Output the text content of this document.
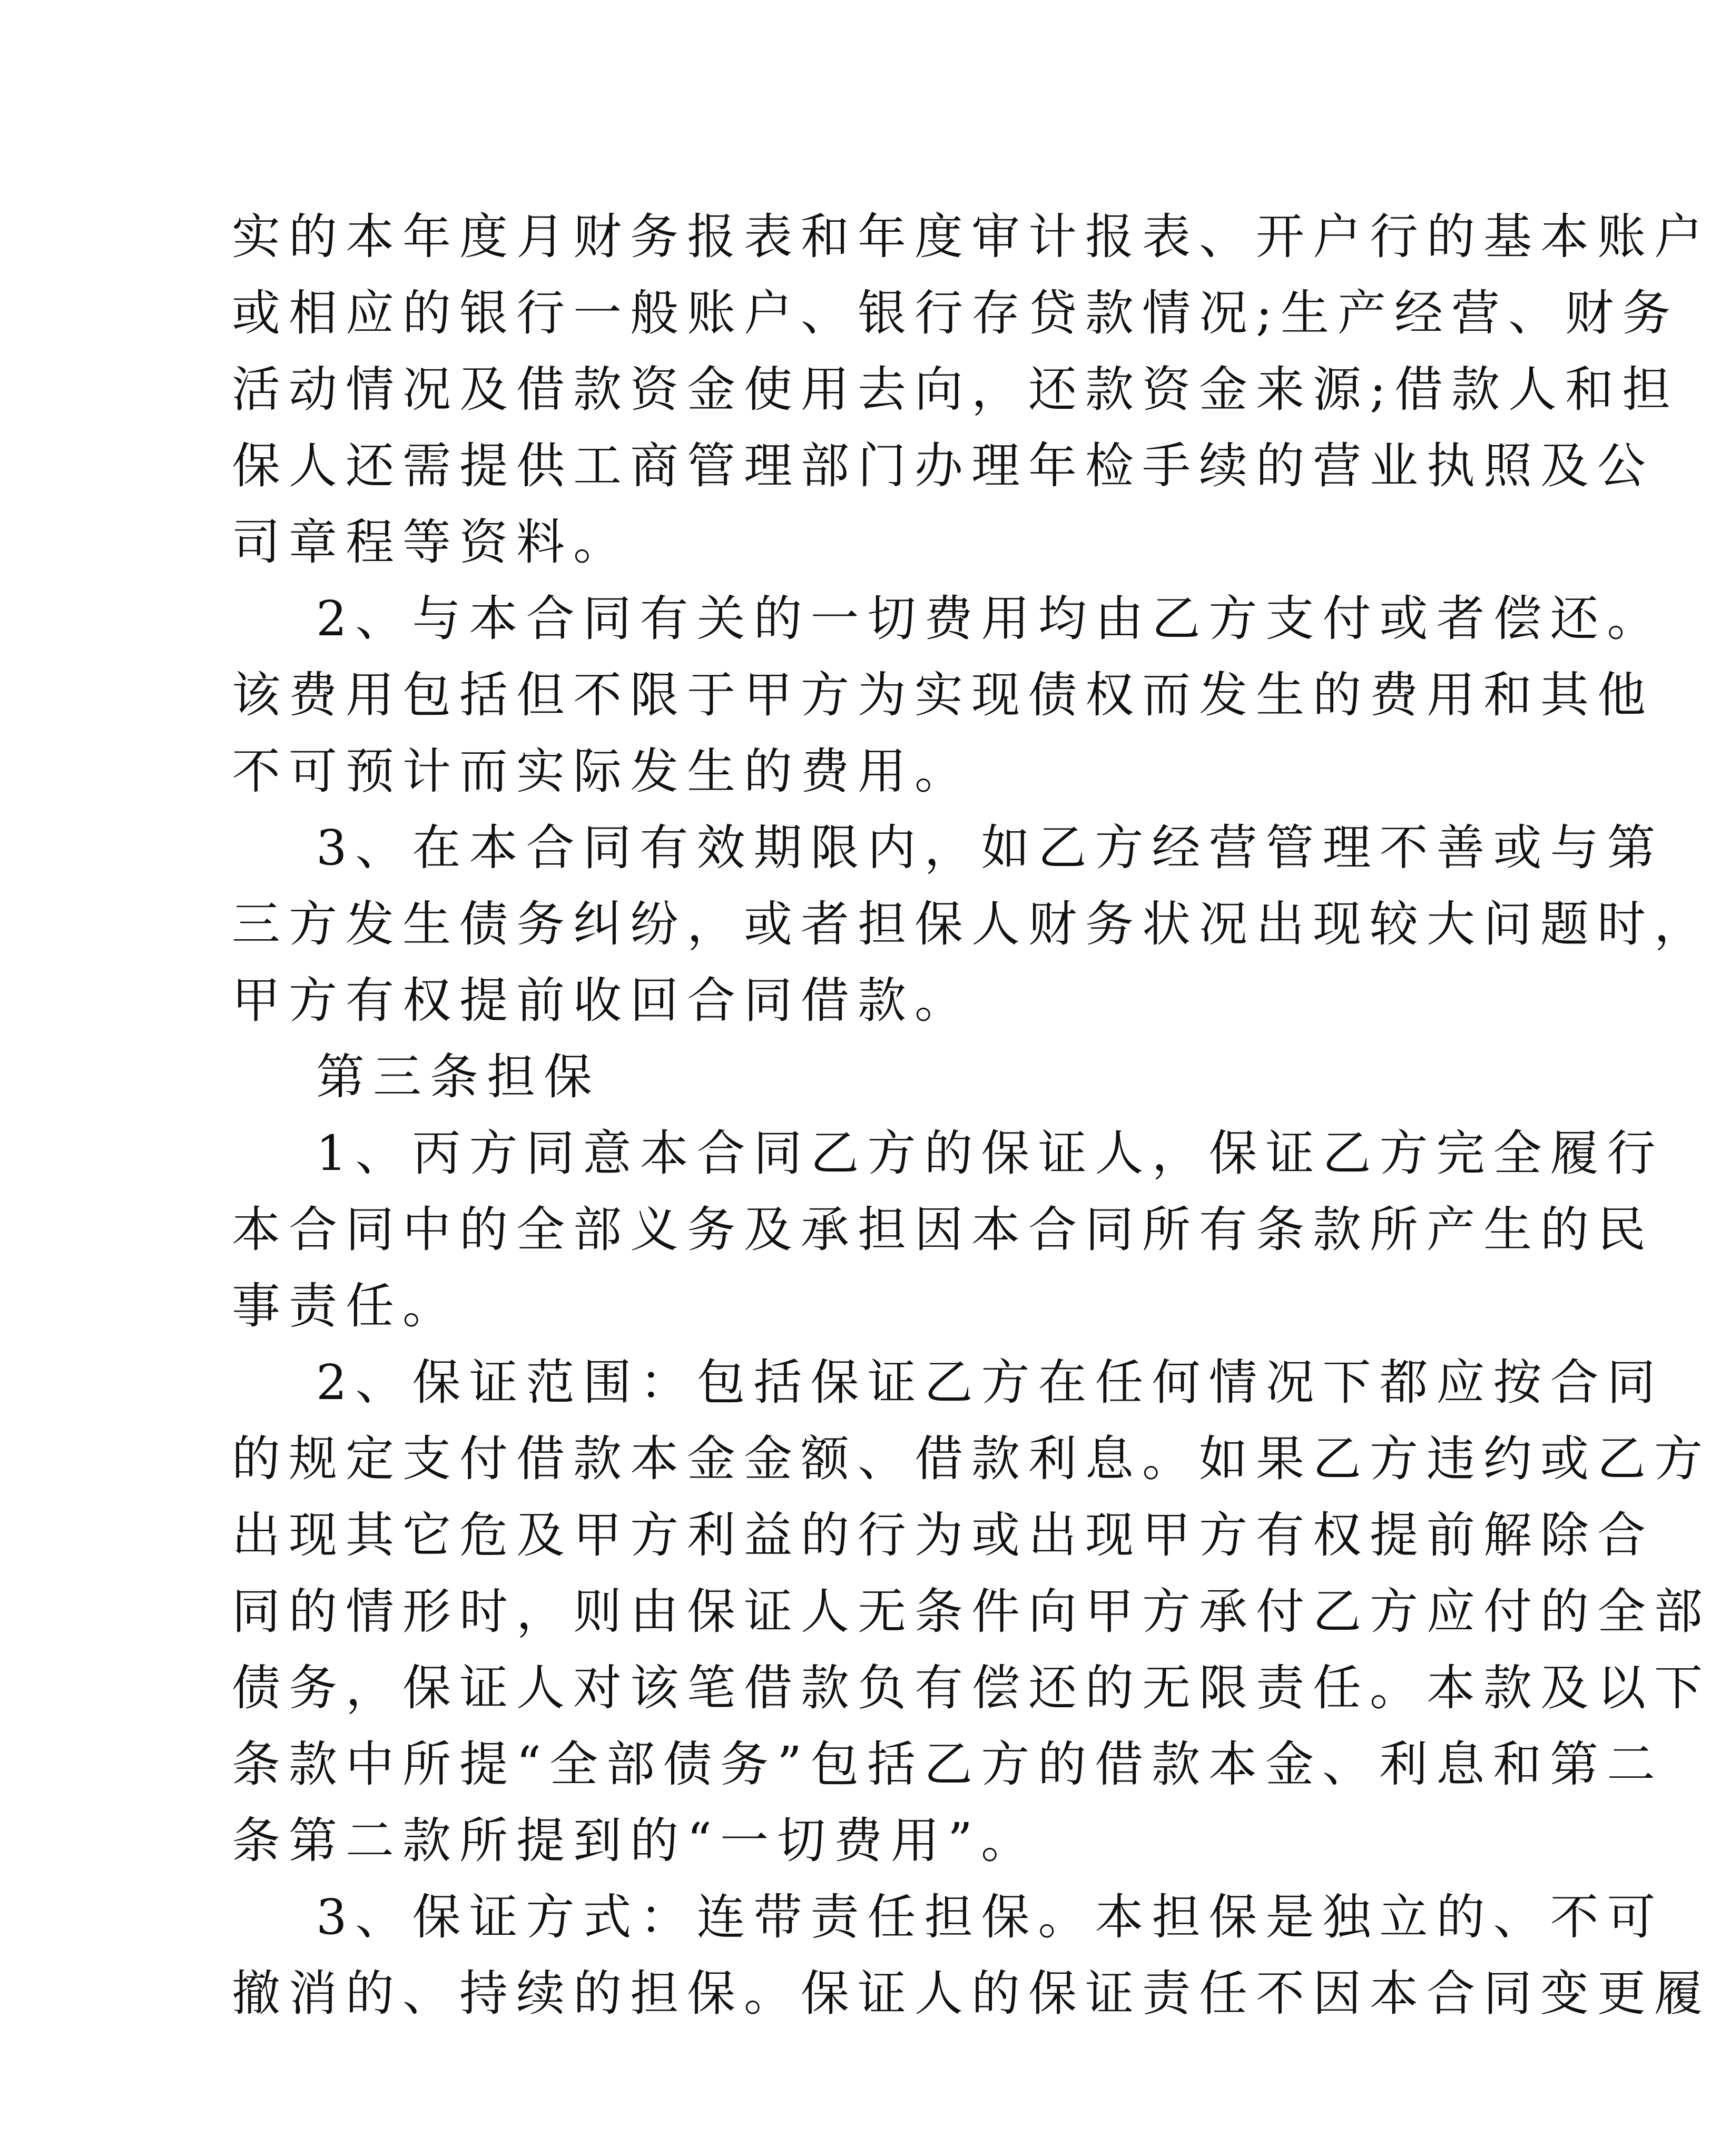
实的本年度月财务报表和年度审计报表、开户行的基本账户
或相应的银行一般账户、银行存贷款情况;生产经营、财务
活动情况及借款资金使用去向，还款资金来源;借款人和担
保人还需提供工商管理部门办理年检手续的营业执照及公
司章程等资料。
2、与本合同有关的一切费用均由乙方支付或者偿还。
该费用包括但不限于甲方为实现债权而发生的费用和其他
不可预计而实际发生的费用。
3、在本合同有效期限内，如乙方经营管理不善或与第
三方发生债务纠纷，或者担保人财务状况出现较大问题时，
甲方有权提前收回合同借款。
第三条担保
1、丙方同意本合同乙方的保证人，保证乙方完全履行
本合同中的全部义务及承担因本合同所有条款所产生的民
事责任。
2、保证范围：包括保证乙方在任何情况下都应按合同
的规定支付借款本金金额、借款利息。如果乙方违约或乙方
出现其它危及甲方利益的行为或出现甲方有权提前解除合
同的情形时，则由保证人无条件向甲方承付乙方应付的全部
债务，保证人对该笔借款负有偿还的无限责任。本款及以下
条款中所提“全部债务”包括乙方的借款本金、利息和第二
条第二款所提到的“一切费用”。
3、保证方式：连带责任担保。本担保是独立的、不可
撤消的、持续的担保。保证人的保证责任不因本合同变更履
